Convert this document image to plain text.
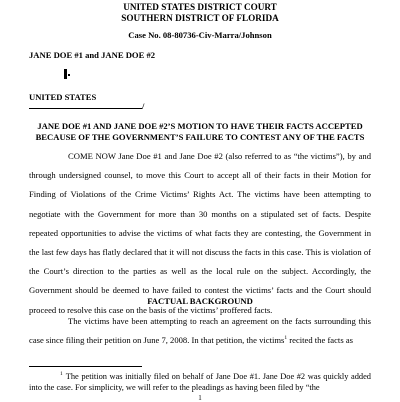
UNITED STATES DISTRICT COURT
SOUTHERN DISTRICT OF FLORIDA
Case No. 08-80736-Civ-Marra/Johnson
JANE DOE #1 and JANE DOE #2
UNITED STATES
/
JANE DOE #1 AND JANE DOE #2’S MOTION TO HAVE THEIR FACTS ACCEPTED BECAUSE OF THE GOVERNMENT’S FAILURE TO CONTEST ANY OF THE FACTS

COME NOW Jane Doe #1 and Jane Doe #2 (also referred to as “the victims”), by and through undersigned counsel, to move this Court to accept all of their facts in their Motion for Finding of Violations of the Crime Victims’ Rights Act. The victims have been attempting to negotiate with the Government for more than 30 months on a stipulated set of facts. Despite repeated opportunities to advise the victims of what facts they are contesting, the Government in the last few days has flatly declared that it will not discuss the facts in this case. This is violation of the Court’s direction to the parties as well as the local rule on the subject. Accordingly, the Government should be deemed to have failed to contest the victims’ facts and the Court should proceed to resolve this case on the basis of the victims’ proffered facts.

FACTUAL BACKGROUND

The victims have been attempting to reach an agreement on the facts surrounding this case since filing their petition on June 7, 2008. In that petition, the victims$^1$ recited the facts as

$^1$ The petition was initially filed on behalf of Jane Doe #1. Jane Doe #2 was quickly added into the case. For simplicity, we will refer to the pleadings as having been filed by “the
1
